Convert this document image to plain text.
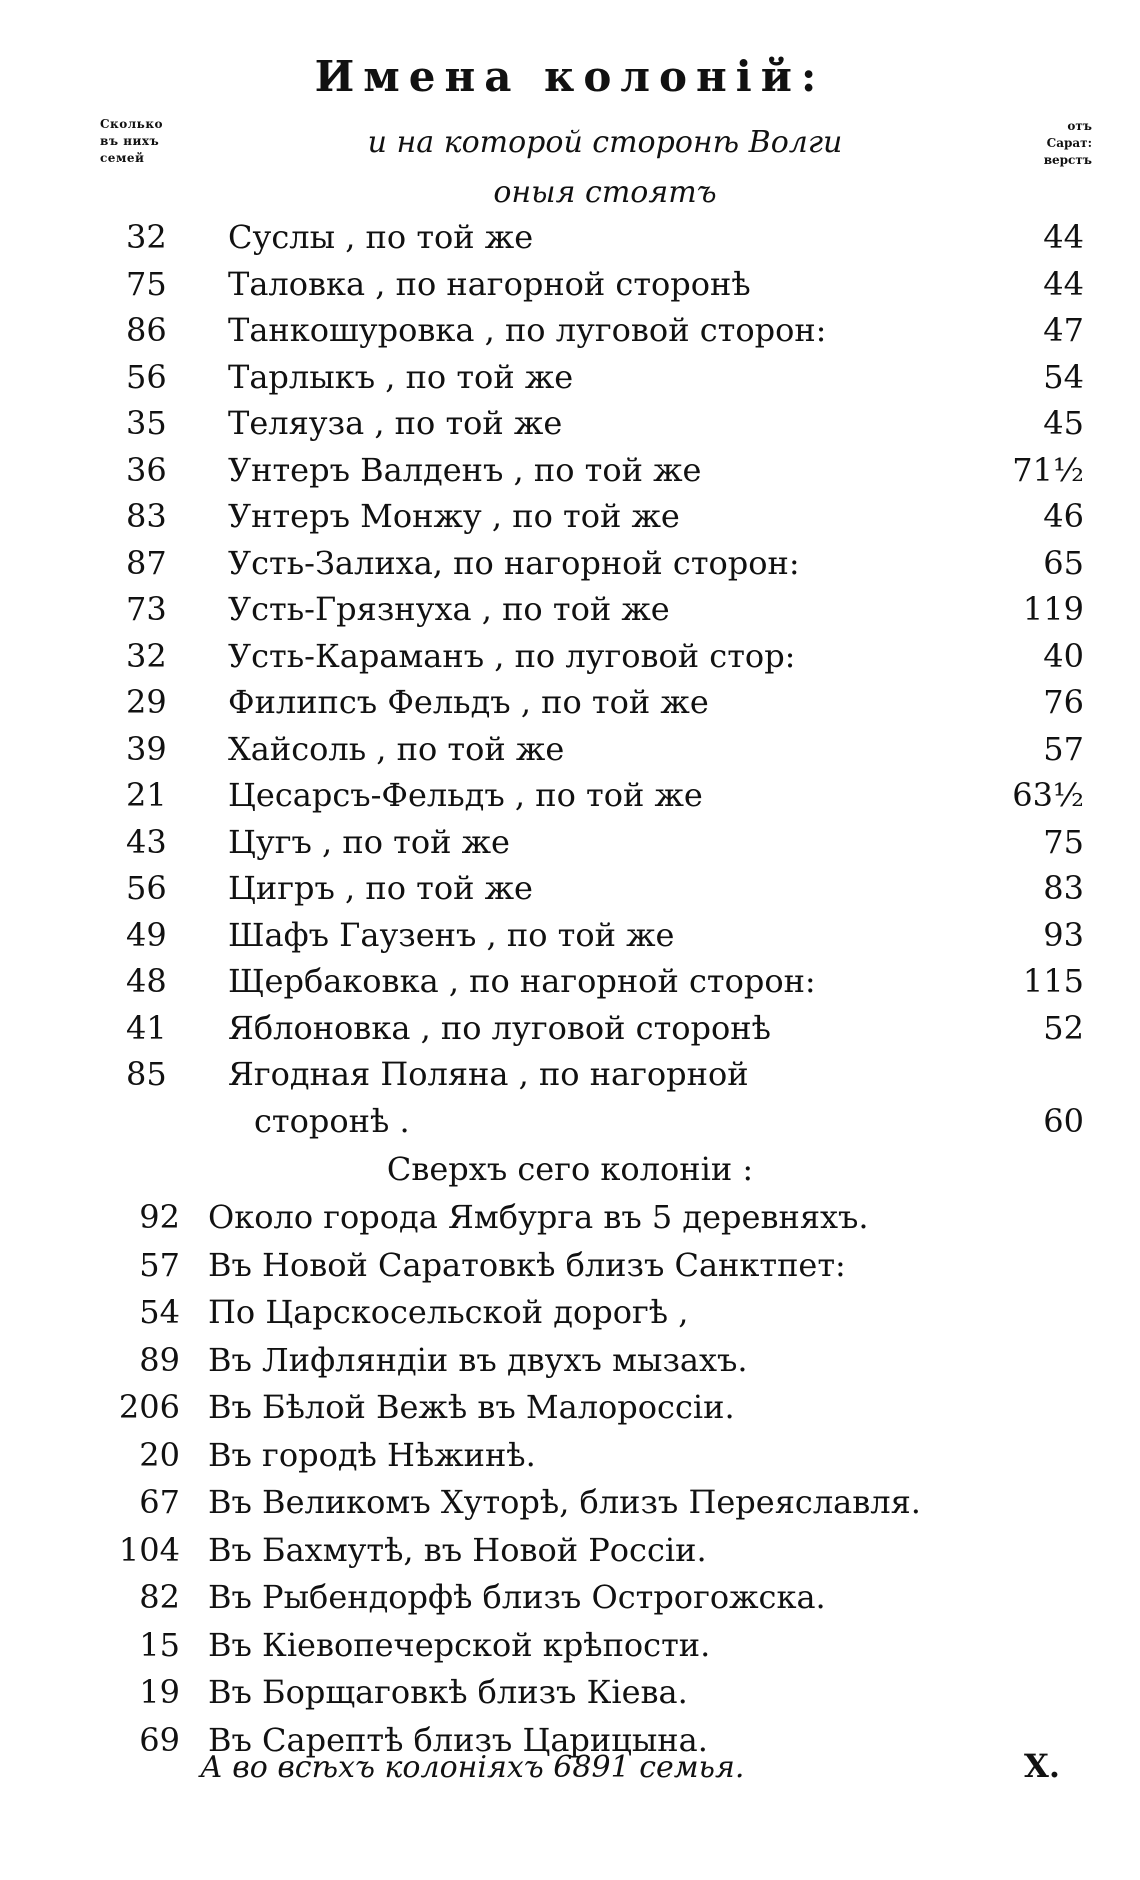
Имена колонiй:
Сколько
въ нихъ
семей	и на которой сторонѣ Волги
оныя стоятъ
отъ
Сарат:
верстъ
32 Суслы , по той же	44
75 Таловка , по нагорной сторонѣ	44
86 Танкошуровка , по луговой сторон:	47
56 Тарлыкъ , по той же	54
35 Теляуза , по той же	45
36 Унтеръ Валденъ , по той же	71½
83 Унтеръ Монжу , по той же	46
87 Усть-Залиха, по нагорной сторон:	65
73 Усть-Грязнуха , по той же	119
32 Усть-Караманъ , по луговой стор:	40
29 Филипсъ Фельдъ , по той же	76
39 Хайсоль , по той же	57
21 Цесарсъ-Фельдъ , по той же	63½
43 Цугъ , по той же	75
56 Цигръ , по той же	83
49 Шафъ Гаузенъ , по той же	93
48 Щербаковка , по нагорной сторон:	115
41 Яблоновка , по луговой сторонѣ	52
85 Ягодная Поляна , по нагорной
сторонѣ .	60
Сверхъ сего колонiи :
92 Около города Ямбурга въ 5 деревняхъ.
57 Въ Новой Саратовкѣ близъ Санктпет:
54 По Царскосельской дорогѣ ,
89 Въ Лифляндiи въ двухъ мызахъ.
206 Въ Бѣлой Вежѣ въ Малороссiи.
20 Въ городѣ Нѣжинѣ.
67 Въ Великомъ Хуторѣ, близъ Переяславля.
104 Въ Бахмутѣ, въ Новой Россiи.
82 Въ Рыбендорфѣ близъ Острогожска.
15 Въ Кiевопечерской крѣпости.
19 Въ Борщаговкѣ близъ Кiева.
69 Въ Сарептѣ близъ Царицына.
А во всѣхъ колонiяхъ 6891 семья.	Х.
